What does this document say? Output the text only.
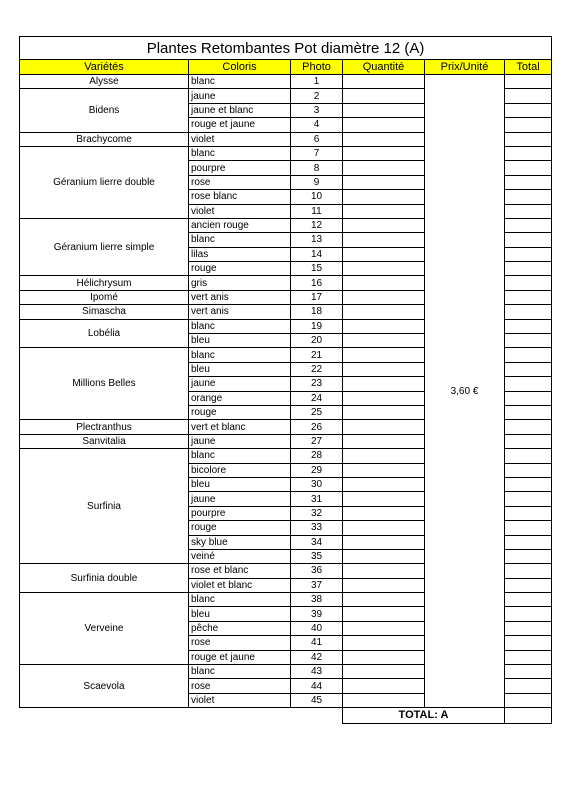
Plantes Retombantes Pot diamètre 12 (A)					
Variétés	Coloris	Photo	Quantité	Prix/Unité	Total
Alysse	blanc	1		3,60 €	
Bidens	jaune	2			
	jaune et blanc	3			
	rouge et jaune	4			
Brachycome	violet	6			
Géranium lierre double	blanc	7			
	pourpre	8			
	rose	9			
	rose blanc	10			
	violet	11			
Géranium lierre simple	ancien rouge	12			
	blanc	13			
	lilas	14			
	rouge	15			
Hélichrysum	gris	16			
Ipomé	vert anis	17			
Simascha	vert anis	18			
Lobélia	blanc	19			
	bleu	20			
Millions Belles	blanc	21			
	bleu	22			
	jaune	23			
	orange	24			
	rouge	25			
Plectranthus	vert et blanc	26			
Sanvitalia	jaune	27			
Surfinia	blanc	28			
	bicolore	29			
	bleu	30			
	jaune	31			
	pourpre	32			
	rouge	33			
	sky blue	34			
	veiné	35			
Surfinia double	rose et blanc	36			
	violet et blanc	37			
Verveine	blanc	38			
	bleu	39			
	pêche	40			
	rose	41			
	rouge et jaune	42			
Scaevola	blanc	43			
	rose	44			
	violet	45			
			TOTAL: A		
